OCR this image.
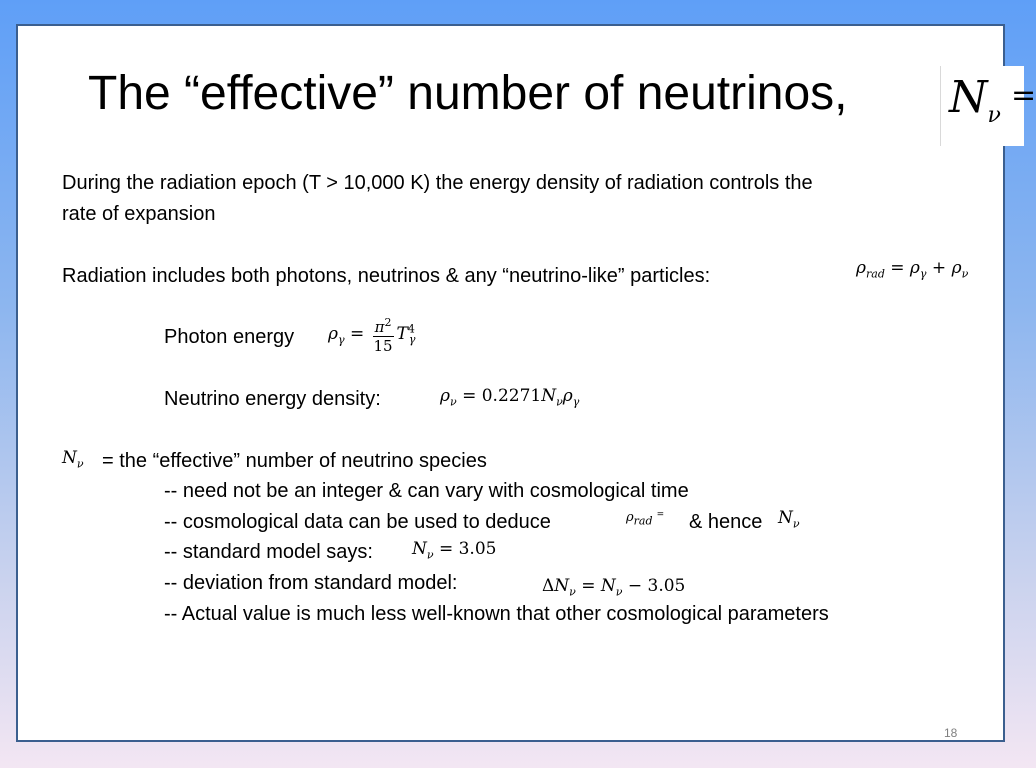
The “effective” number of neutrinos, $N_\nu$
=
During the radiation epoch (T > 10,000 K) the energy density of radiation controls the
rate of expansion
Radiation includes both photons, neutrinos & any “neutrino-like” particles:	$\rho_{rad} = \rho_\gamma + \rho_\nu$
Photon energy $\rho_\gamma = \frac{\pi^2}{15} T^4_\gamma$
Neutrino energy density:	$\rho_\nu = 0.2271N_\nu\rho_\gamma$
$N_\nu$ = the “effective” number of neutrino species
-- need not be an integer & can vary with cosmological time
-- cosmological data can be used to deduce	$\rho_{rad}$ = & hence $N_\nu$
-- standard model says: $N_\nu = 3.05$
-- deviation from standard model:	$\Delta N_\nu = N_\nu - 3.05$
-- Actual value is much less well-known that other cosmological parameters
18
